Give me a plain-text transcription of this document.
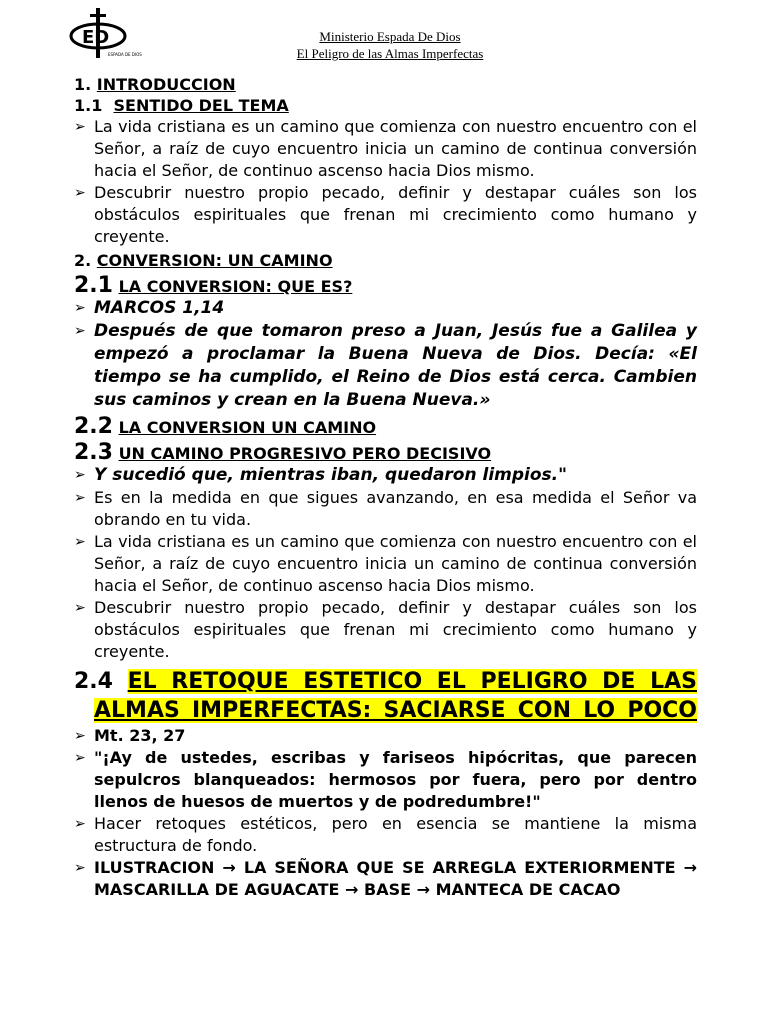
ED
ESPADA DE DIOS
Ministerio Espada De Dios
El Peligro de las Almas Imperfectas

1. INTRODUCCION

1.1 SENTIDO DEL TEMA

➢ La vida cristiana es un camino que comienza con nuestro encuentro con el Señor, a raíz de cuyo encuentro inicia un camino de continua conversión hacia el Señor, de continuo ascenso hacia Dios mismo.

➢ Descubrir nuestro propio pecado, definir y destapar cuáles son los obstáculos espirituales que frenan mi crecimiento como humano y creyente.

2. CONVERSION: UN CAMINO

2.1 LA CONVERSION: QUE ES?

➢ MARCOS 1,14

➢ Después de que tomaron preso a Juan, Jesús fue a Galilea y empezó a proclamar la Buena Nueva de Dios. Decía: «El tiempo se ha cumplido, el Reino de Dios está cerca. Cambien sus caminos y crean en la Buena Nueva.»

2.2 LA CONVERSION UN CAMINO

2.3 UN CAMINO PROGRESIVO PERO DECISIVO

➢ Y sucedió que, mientras iban, quedaron limpios."

➢ Es en la medida en que sigues avanzando, en esa medida el Señor va obrando en tu vida.

➢ La vida cristiana es un camino que comienza con nuestro encuentro con el Señor, a raíz de cuyo encuentro inicia un camino de continua conversión hacia el Señor, de continuo ascenso hacia Dios mismo.

➢ Descubrir nuestro propio pecado, definir y destapar cuáles son los obstáculos espirituales que frenan mi crecimiento como humano y creyente.

2.4 EL RETOQUE ESTETICO EL PELIGRO DE LAS
ALMAS IMPERFECTAS: SACIARSE CON LO POCO

➢ Mt. 23, 27

➢ "¡Ay de ustedes, escribas y fariseos hipócritas, que parecen sepulcros blanqueados: hermosos por fuera, pero por dentro llenos de huesos de muertos y de podredumbre!"

➢ Hacer retoques estéticos, pero en esencia se mantiene la misma estructura de fondo.

➢ ILUSTRACION → LA SEÑORA QUE SE ARREGLA EXTERIORMENTE → MASCARILLA DE AGUACATE → BASE → MANTECA DE CACAO
